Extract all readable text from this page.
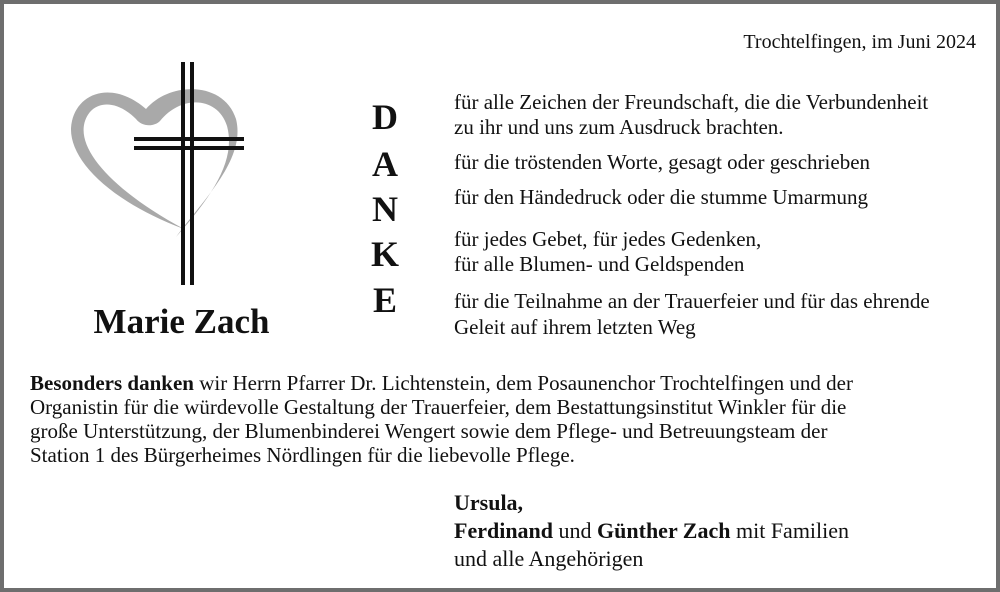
Trochtelfingen, im Juni 2024
Marie Zach
D
A
N
K
E
für alle Zeichen der Freundschaft, die die Verbundenheit
zu ihr und uns zum Ausdruck brachten.
für die tröstenden Worte, gesagt oder geschrieben
für den Händedruck oder die stumme Umarmung
für jedes Gebet, für jedes Gedenken,
für alle Blumen- und Geldspenden
für die Teilnahme an der Trauerfeier und für das ehrende
Geleit auf ihrem letzten Weg
Besonders danken wir Herrn Pfarrer Dr. Lichtenstein, dem Posaunenchor Trochtelfingen und der
Organistin für die würdevolle Gestaltung der Trauerfeier, dem Bestattungsinstitut Winkler für die
große Unterstützung, der Blumenbinderei Wengert sowie dem Pflege- und Betreuungsteam der
Station 1 des Bürgerheimes Nördlingen für die liebevolle Pflege.
Ursula,
Ferdinand und Günther Zach mit Familien
und alle Angehörigen
